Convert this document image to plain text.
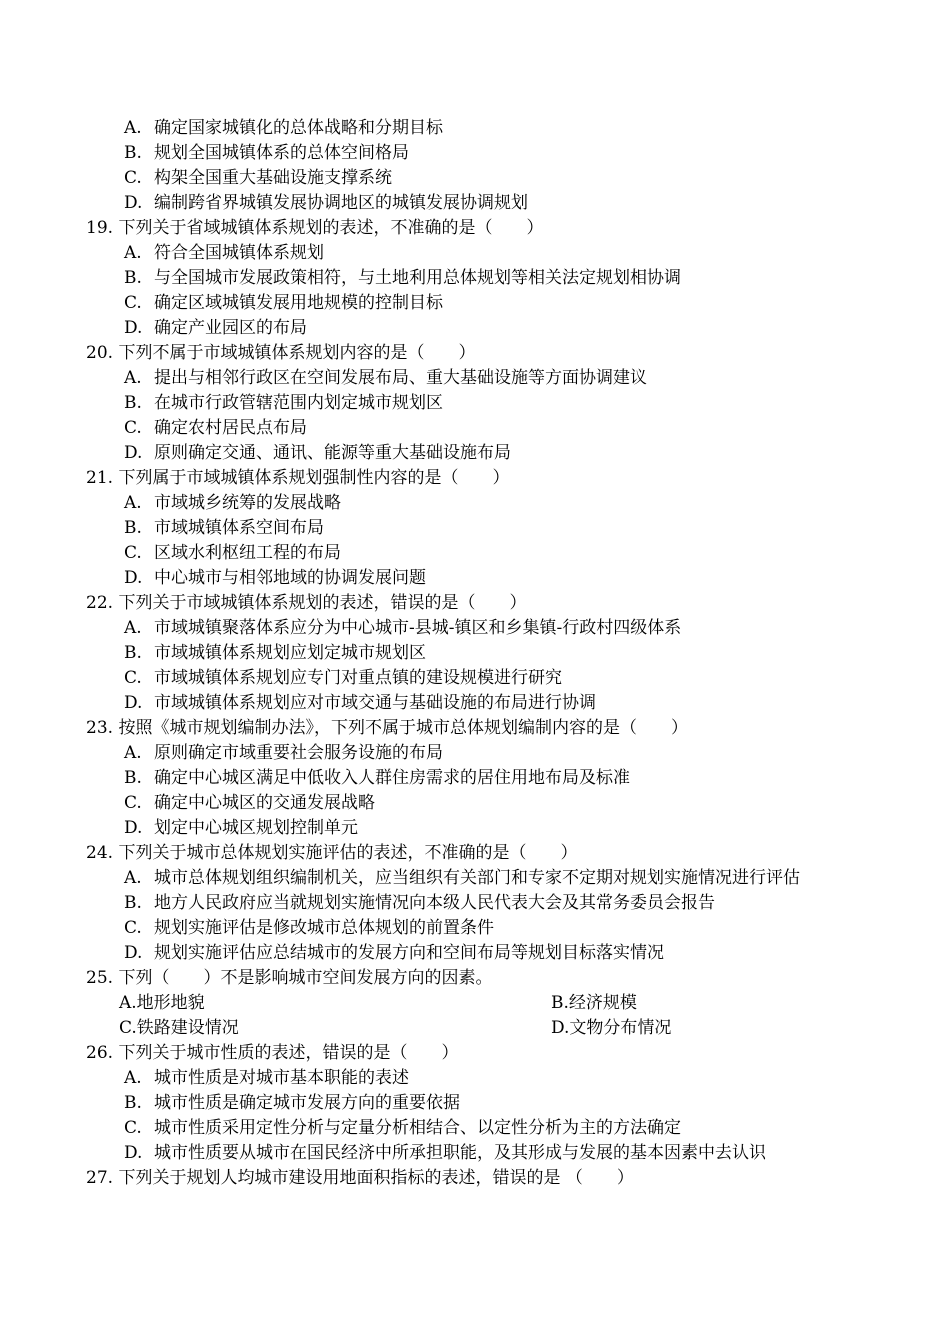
A. 确定国家城镇化的总体战略和分期目标
B. 规划全国城镇体系的总体空间格局
C. 构架全国重大基础设施支撑系统
D. 编制跨省界城镇发展协调地区的城镇发展协调规划
19. 下列关于省域城镇体系规划的表述，不准确的是（　　）
A. 符合全国城镇体系规划
B. 与全国城市发展政策相符，与土地利用总体规划等相关法定规划相协调
C. 确定区域城镇发展用地规模的控制目标
D. 确定产业园区的布局
20. 下列不属于市域城镇体系规划内容的是（　　）
A. 提出与相邻行政区在空间发展布局、重大基础设施等方面协调建议
B. 在城市行政管辖范围内划定城市规划区
C. 确定农村居民点布局
D. 原则确定交通、通讯、能源等重大基础设施布局
21. 下列属于市域城镇体系规划强制性内容的是（　　）
A. 市域城乡统筹的发展战略
B. 市域城镇体系空间布局
C. 区域水利枢纽工程的布局
D. 中心城市与相邻地域的协调发展问题
22. 下列关于市域城镇体系规划的表述，错误的是（　　）
A. 市域城镇聚落体系应分为中心城市-县城-镇区和乡集镇-行政村四级体系
B. 市域城镇体系规划应划定城市规划区
C. 市域城镇体系规划应专门对重点镇的建设规模进行研究
D. 市域城镇体系规划应对市域交通与基础设施的布局进行协调
23. 按照《城市规划编制办法》，下列不属于城市总体规划编制内容的是（　　）
A. 原则确定市域重要社会服务设施的布局
B. 确定中心城区满足中低收入人群住房需求的居住用地布局及标准
C. 确定中心城区的交通发展战略
D. 划定中心城区规划控制单元
24. 下列关于城市总体规划实施评估的表述，不准确的是（　　）
A. 城市总体规划组织编制机关，应当组织有关部门和专家不定期对规划实施情况进行评估
B. 地方人民政府应当就规划实施情况向本级人民代表大会及其常务委员会报告
C. 规划实施评估是修改城市总体规划的前置条件
D. 规划实施评估应总结城市的发展方向和空间布局等规划目标落实情况
25. 下列（　　）不是影响城市空间发展方向的因素。
A.地形地貌	B.经济规模
C.铁路建设情况	D.文物分布情况
26. 下列关于城市性质的表述，错误的是（　　）
A. 城市性质是对城市基本职能的表述
B. 城市性质是确定城市发展方向的重要依据
C. 城市性质采用定性分析与定量分析相结合、以定性分析为主的方法确定
D. 城市性质要从城市在国民经济中所承担职能，及其形成与发展的基本因素中去认识
27. 下列关于规划人均城市建设用地面积指标的表述，错误的是 （　　）
